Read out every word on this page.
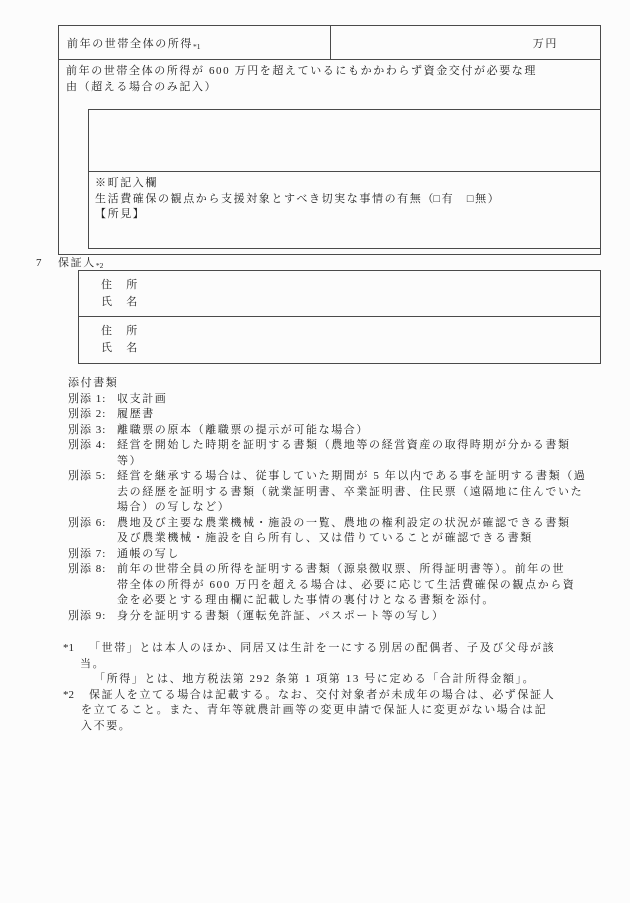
前年の世帯全体の所得*1	万円
前年の世帯全体の所得が 600 万円を超えているにもかかわらず資金交付が必要な理
由（超える場合のみ記入）
※町記入欄
生活費確保の観点から支援対象とすべき切実な事情の有無（□有　 □無）
【所見】
7 保証人*2
住　所
氏　名
住　所
氏　名
添付書類
別添 1: 収支計画
別添 2: 履歴書
別添 3: 離職票の原本（離職票の提示が可能な場合）
別添 4: 経営を開始した時期を証明する書類（農地等の経営資産の取得時期が分かる書類
等）
別添 5: 経営を継承する場合は、従事していた期間が 5 年以内である事を証明する書類（過
去の経歴を証明する書類（就業証明書、卒業証明書、住民票（遠隔地に住んでいた
場合）の写しなど）
別添 6: 農地及び主要な農業機械・施設の一覧、農地の権利設定の状況が確認できる書類
及び農業機械・施設を自ら所有し、又は借りていることが確認できる書類
別添 7: 通帳の写し
別添 8: 前年の世帯全員の所得を証明する書類（源泉徴収票、所得証明書等）。前年の世
帯全体の所得が 600 万円を超える場合は、必要に応じて生活費確保の観点から資
金を必要とする理由欄に記載した事情の裏付けとなる書類を添付。
別添 9: 身分を証明する書類（運転免許証、パスポート等の写し）
*1 「世帯」とは本人のほか、同居又は生計を一にする別居の配偶者、子及び父母が該
当。
「所得」とは、地方税法第 292 条第 1 項第 13 号に定める「合計所得金額」。
*2 保証人を立てる場合は記載する。なお、交付対象者が未成年の場合は、必ず保証人
を立てること。また、青年等就農計画等の変更申請で保証人に変更がない場合は記
入不要。
